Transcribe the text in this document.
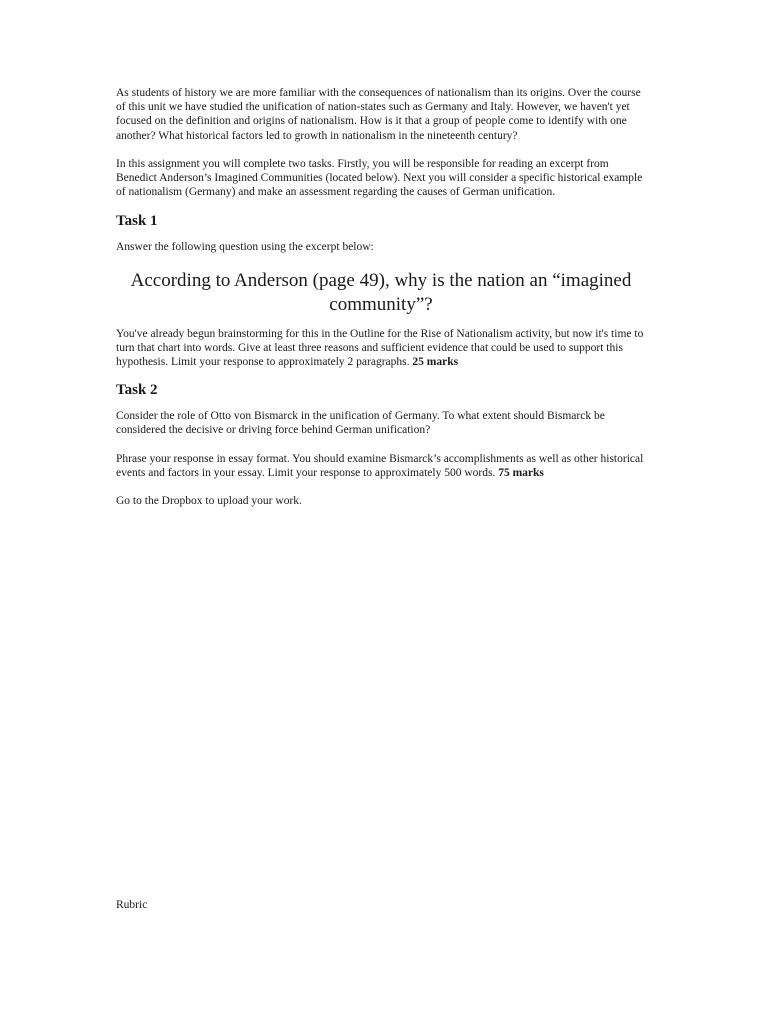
As students of history we are more familiar with the consequences of nationalism than its origins. Over the course of this unit we have studied the unification of nation-states such as Germany and Italy. However, we haven't yet focused on the definition and origins of nationalism. How is it that a group of people come to identify with one another? What historical factors led to growth in nationalism in the nineteenth century?

In this assignment you will complete two tasks. Firstly, you will be responsible for reading an excerpt from Benedict Anderson’s Imagined Communities (located below). Next you will consider a specific historical example of nationalism (Germany) and make an assessment regarding the causes of German unification.

Task 1

Answer the following question using the excerpt below:

According to Anderson (page 49), why is the nation an “imagined community”?

You've already begun brainstorming for this in the Outline for the Rise of Nationalism activity, but now it's time to turn that chart into words. Give at least three reasons and sufficient evidence that could be used to support this hypothesis. Limit your response to approximately 2 paragraphs. 25 marks

Task 2

Consider the role of Otto von Bismarck in the unification of Germany. To what extent should Bismarck be considered the decisive or driving force behind German unification?

Phrase your response in essay format. You should examine Bismarck’s accomplishments as well as other historical events and factors in your essay. Limit your response to approximately 500 words. 75 marks

Go to the Dropbox to upload your work.

Rubric
